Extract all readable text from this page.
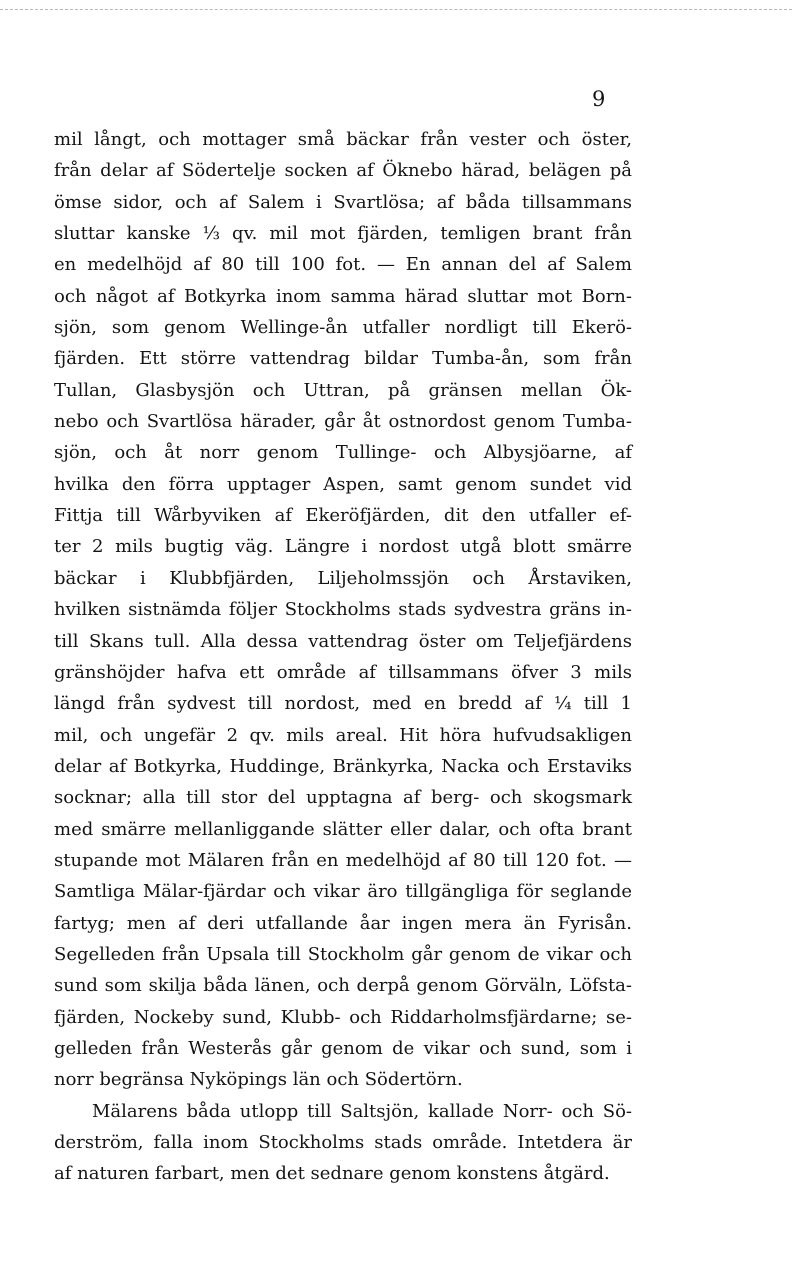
9
mil långt, och mottager små bäckar från vester och öster,
från delar af Södertelje socken af Öknebo härad, belägen på
ömse sidor, och af Salem i Svartlösa; af båda tillsammans
sluttar kanske ⅓ qv. mil mot fjärden, temligen brant från
en medelhöjd af 80 till 100 fot. — En annan del af Salem
och något af Botkyrka inom samma härad sluttar mot Born-
sjön, som genom Wellinge-ån utfaller nordligt till Ekerö-
fjärden. Ett större vattendrag bildar Tumba-ån, som från
Tullan, Glasbysjön och Uttran, på gränsen mellan Ök-
nebo och Svartlösa härader, går åt ostnordost genom Tumba-
sjön, och åt norr genom Tullinge- och Albysjöarne, af
hvilka den förra upptager Aspen, samt genom sundet vid
Fittja till Wårbyviken af Ekeröfjärden, dit den utfaller ef-
ter 2 mils bugtig väg. Längre i nordost utgå blott smärre
bäckar i Klubbfjärden, Liljeholmssjön och Årstaviken,
hvilken sistnämda följer Stockholms stads sydvestra gräns in-
till Skans tull. Alla dessa vattendrag öster om Teljefjärdens
gränshöjder hafva ett område af tillsammans öfver 3 mils
längd från sydvest till nordost, med en bredd af ¼ till 1
mil, och ungefär 2 qv. mils areal. Hit höra hufvudsakligen
delar af Botkyrka, Huddinge, Bränkyrka, Nacka och Erstaviks
socknar; alla till stor del upptagna af berg- och skogsmark
med smärre mellanliggande slätter eller dalar, och ofta brant
stupande mot Mälaren från en medelhöjd af 80 till 120 fot. —
Samtliga Mälar-fjärdar och vikar äro tillgängliga för seglande
fartyg; men af deri utfallande åar ingen mera än Fyrisån.
Segelleden från Upsala till Stockholm går genom de vikar och
sund som skilja båda länen, och derpå genom Görväln, Löfsta-
fjärden, Nockeby sund, Klubb- och Riddarholmsfjärdarne; se-
gelleden från Westerås går genom de vikar och sund, som i
norr begränsa Nyköpings län och Södertörn.
Mälarens båda utlopp till Saltsjön, kallade Norr- och Sö-
derström, falla inom Stockholms stads område. Intetdera är
af naturen farbart, men det sednare genom konstens åtgärd.
